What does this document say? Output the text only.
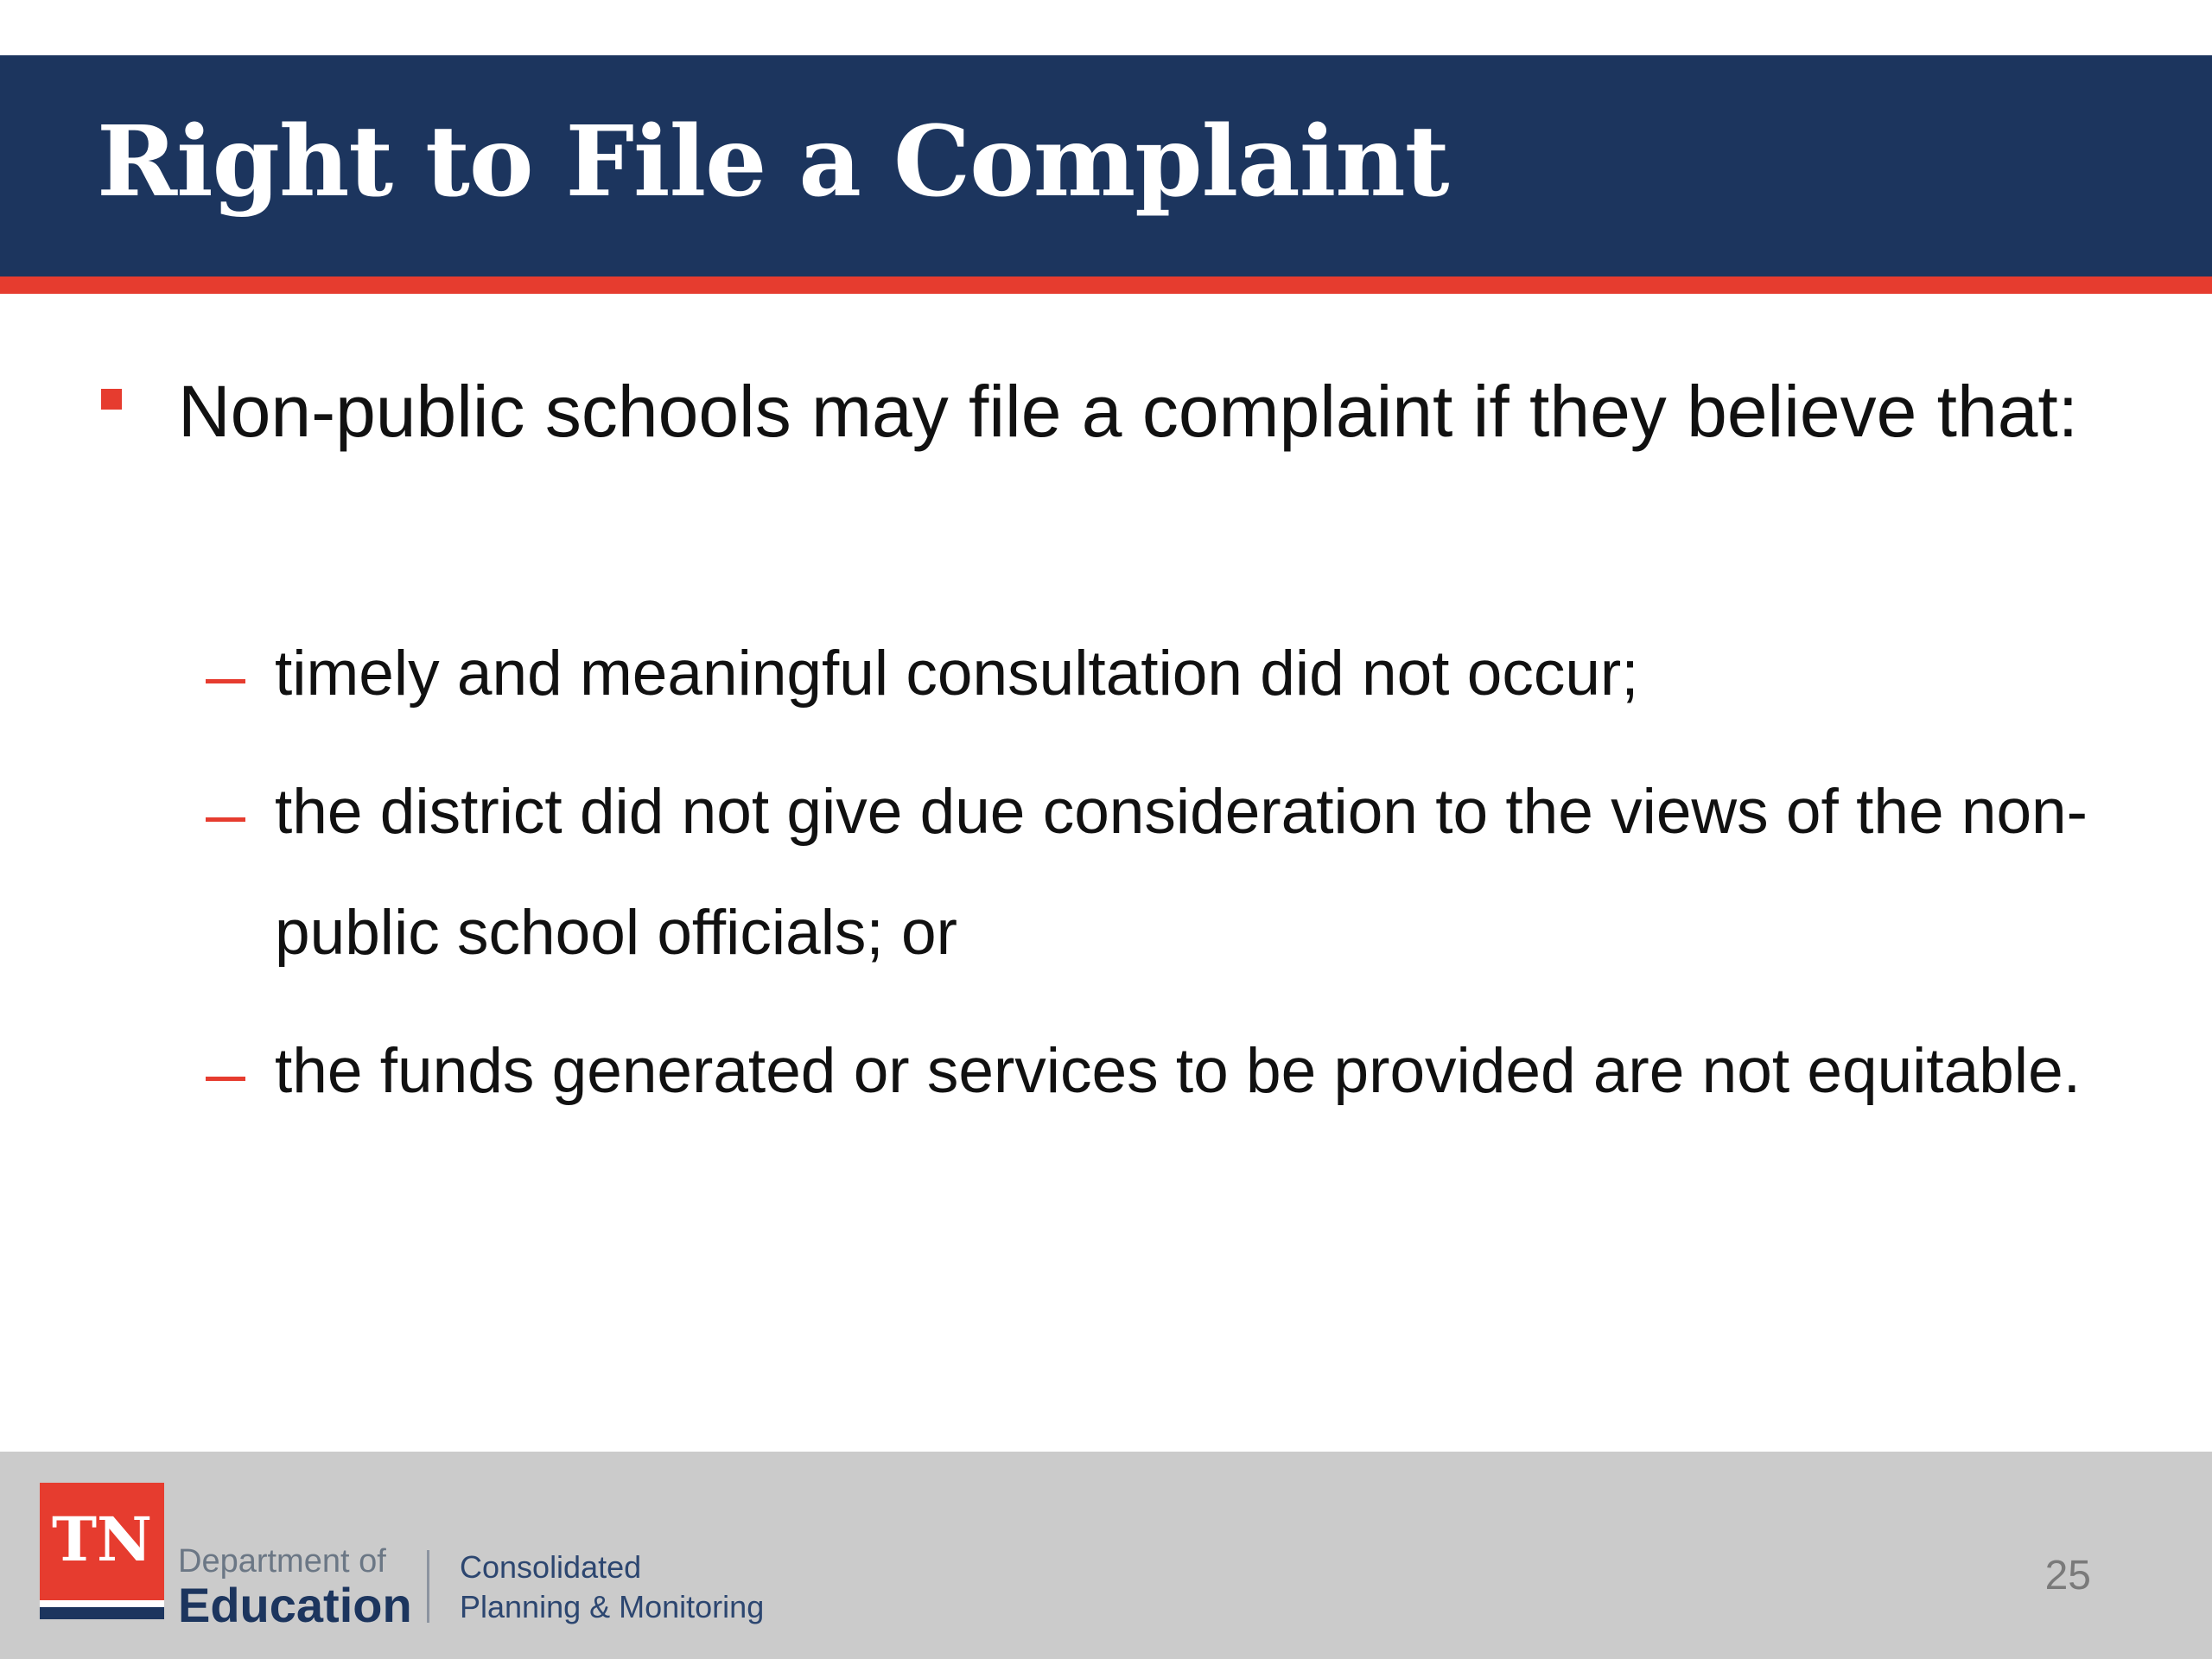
Right to File a Complaint

Non-public schools may file a complaint if they believe that:

timely and meaningful consultation did not occur;

the district did not give due consideration to the views of the non-public school officials; or

the funds generated or services to be provided are not equitable.

TN Department of
Education
Consolidated
Planning & Monitoring
25
